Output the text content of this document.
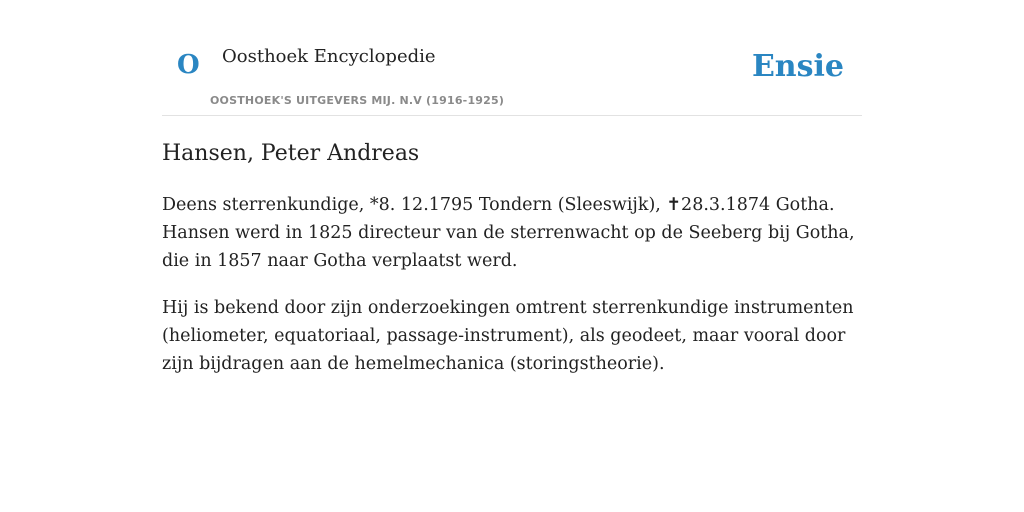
O Oosthoek Encyclopedie
OOSTHOEK'S UITGEVERS MIJ. N.V (1916-1925)
Ensie
Hansen, Peter Andreas

Deens sterrenkundige, *8. 12.1795 Tondern (Sleeswijk), ✝28.3.1874 Gotha. Hansen werd in 1825 directeur van de sterrenwacht op de Seeberg bij Gotha, die in 1857 naar Gotha verplaatst werd.

Hij is bekend door zijn onderzoekingen omtrent sterrenkundige instrumenten (heliometer, equatoriaal, passage-instrument), als geodeet, maar vooral door zijn bijdragen aan de hemelmechanica (storingstheorie).
